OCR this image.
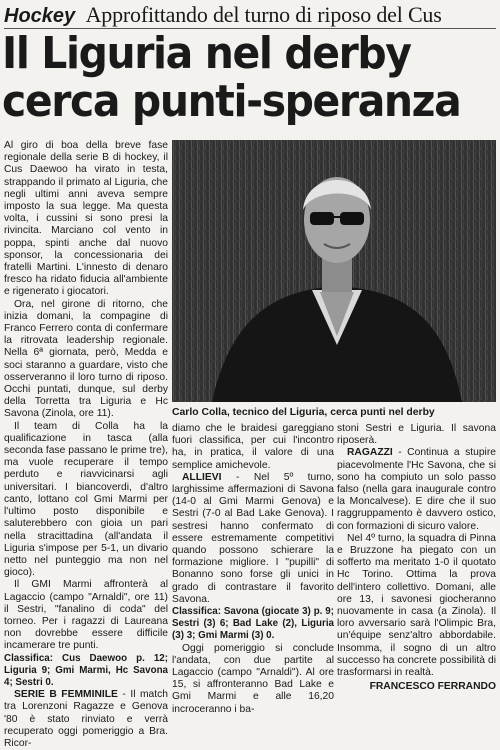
Hockey Approfittando del turno di riposo del Cus
Il Liguria nel derby
cerca punti-speranza
Carlo Colla, tecnico del Liguria, cerca punti nel derby

Al giro di boa della breve fase regionale della serie B di hockey, il Cus Daewoo ha virato in testa, strappando il primato al Liguria, che negli ultimi anni aveva sempre imposto la sua legge. Ma questa volta, i cussini si sono presi la rivincita. Marciano col vento in poppa, spinti anche dal nuovo sponsor, la concessionaria dei fratelli Martini. L'innesto di denaro fresco ha ridato fiducia all'ambiente e rigenerato i giocatori.

Ora, nel girone di ritorno, che inizia domani, la compagine di Franco Ferrero conta di confermare la ritrovata leadership regionale. Nella 6ª giornata, però, Medda e soci staranno a guardare, visto che osserveranno il loro turno di riposo. Occhi puntati, dunque, sul derby della Torretta tra Liguria e Hc Savona (Zinola, ore 11).

Il team di Colla ha la qualificazione in tasca (alla seconda fase passano le prime tre), ma vuole recuperare il tempo perduto e riavvicinarsi agli universitari. I biancoverdi, d'altro canto, lottano col Gmi Marmi per l'ultimo posto disponibile e saluterebbero con gioia un pari nella stracittadina (all'andata il Liguria s'impose per 5-1, un divario netto nel punteggio ma non nel gioco).

Il GMI Marmi affronterà al Lagaccio (campo "Arnaldi", ore 11) il Sestri, "fanalino di coda" del torneo. Per i ragazzi di Laureana non dovrebbe essere difficile incamerare tre punti.

Classifica: Cus Daewoo p. 12; Liguria 9; Gmi Marmi, Hc Savona 4; Sestri 0.

SERIE B FEMMINILE - Il match tra Lorenzoni Ragazze e Genova '80 è stato rinviato e verrà recuperato oggi pomeriggio a Bra. Ricor-

diamo che le braidesi gareggiano fuori classifica, per cui l'incontro ha, in pratica, il valore di una semplice amichevole.

ALLIEVI - Nel 5º turno, larghissime affermazioni di Savona (14-0 al Gmi Marmi Genova) e Sestri (7-0 al Bad Lake Genova). I sestresi hanno confermato di essere estremamente competitivi quando possono schierare la formazione migliore. I "pupilli" di Bonanno sono forse gli unici in grado di contrastare il favorito Savona.

Classifica: Savona (giocate 3) p. 9; Sestri (3) 6; Bad Lake (2), Liguria (3) 3; Gmi Marmi (3) 0.

Oggi pomeriggio si conclude l'andata, con due partite al Lagaccio (campo "Arnaldi"). Al ore 15, si affronteranno Bad Lake e Gmi Marmi e alle 16,20 incroceranno i ba-

stoni Sestri e Liguria. Il savona riposerà.

RAGAZZI - Continua a stupire piacevolmente l'Hc Savona, che si sono ha compiuto un solo passo falso (nella gara inaugurale contro la Moncalvese). E dire che il suo raggruppamento è davvero ostico, con formazioni di sicuro valore.

Nel 4º turno, la squadra di Pinna e Bruzzone ha piegato con un sofferto ma meritato 1-0 il quotato Hc Torino. Ottima la prova dell'intero collettivo. Domani, alle ore 13, i savonesi giocheranno nuovamente in casa (a Zinola). Il loro avversario sarà l'Olimpic Bra, un'équipe senz'altro abbordabile. Insomma, il sogno di un altro successo ha concrete possibilità di trasformarsi in realtà.

FRANCESCO FERRANDO
